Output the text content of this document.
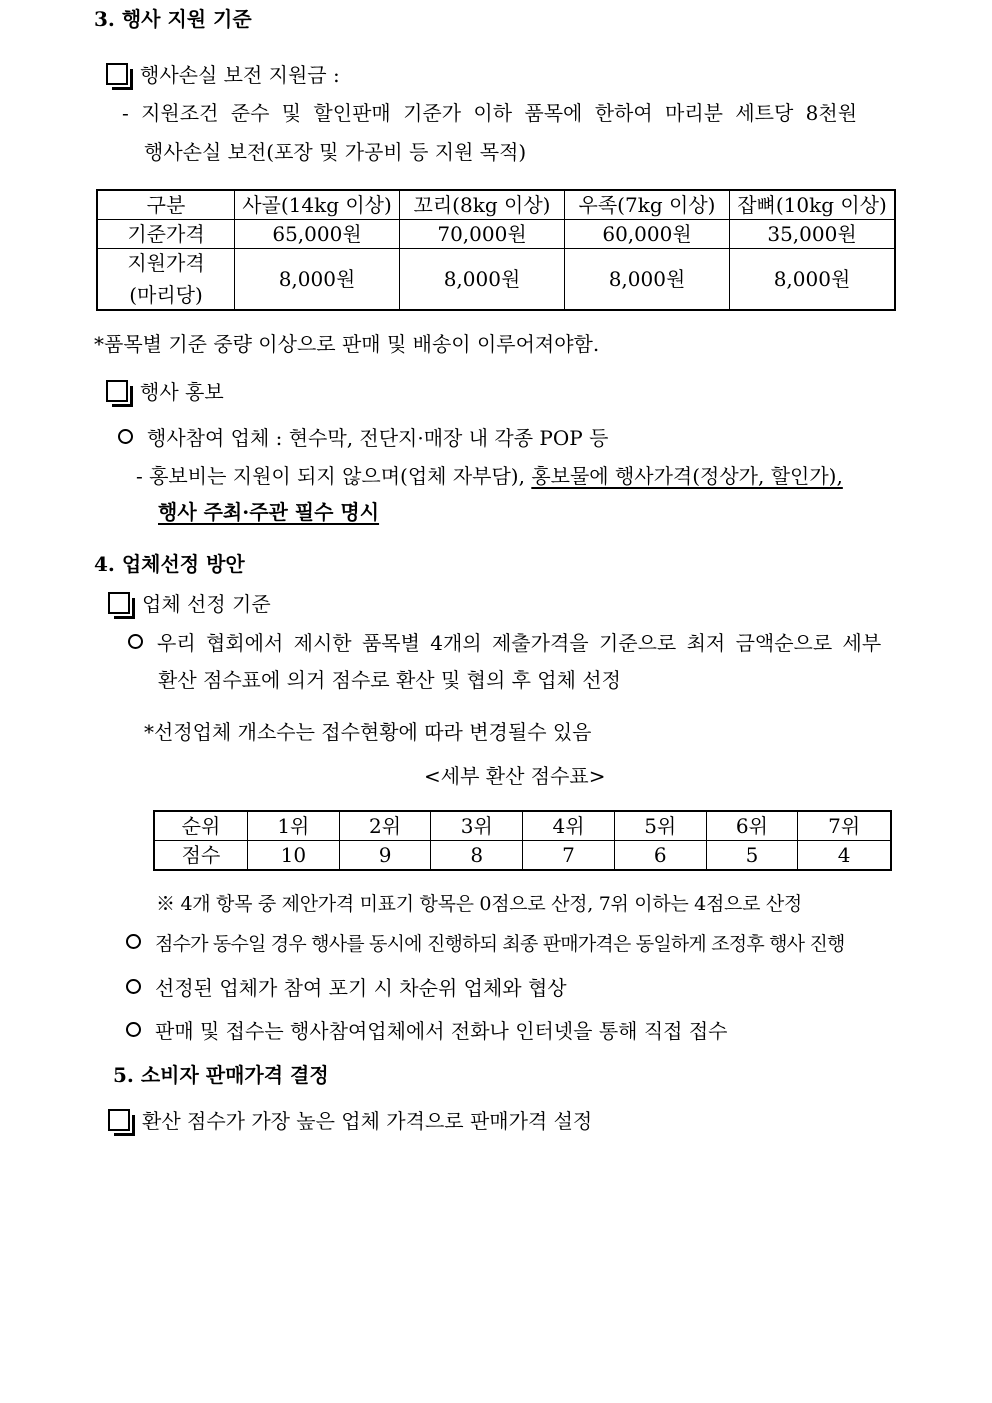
3. 행사 지원 기준
행사손실 보전 지원금 :
- 지원조건 준수 및 할인판매 기준가 이하 품목에 한하여 마리분 세트당 8천원
행사손실 보전(포장 및 가공비 등 지원 목적)
구분	사골(14kg 이상)	꼬리(8kg 이상)	우족(7kg 이상)	잡뼈(10kg 이상)
기준가격	65,000원	70,000원	60,000원	35,000원

지원가격
(마리당)	8,000원	8,000원	8,000원	8,000원
*품목별 기준 중량 이상으로 판매 및 배송이 이루어져야함.
행사 홍보
행사참여 업체 : 현수막, 전단지·매장 내 각종 POP 등
- 홍보비는 지원이 되지 않으며(업체 자부담), 홍보물에 행사가격(정상가, 할인가),
행사 주최·주관 필수 명시
4. 업체선정 방안
업체 선정 기준
우리 협회에서 제시한 품목별 4개의 제출가격을 기준으로 최저 금액순으로 세부
환산 점수표에 의거 점수로 환산 및 협의 후 업체 선정
*선정업체 개소수는 접수현황에 따라 변경될수 있음
<세부 환산 점수표>
순위	1위	2위	3위	4위	5위	6위	7위
점수	10	9	8	7	6	5	4
※ 4개 항목 중 제안가격 미표기 항목은 0점으로 산정, 7위 이하는 4점으로 산정
점수가 동수일 경우 행사를 동시에 진행하되 최종 판매가격은 동일하게 조정후 행사 진행
선정된 업체가 참여 포기 시 차순위 업체와 협상
판매 및 접수는 행사참여업체에서 전화나 인터넷을 통해 직접 접수
5. 소비자 판매가격 결정
환산 점수가 가장 높은 업체 가격으로 판매가격 설정
